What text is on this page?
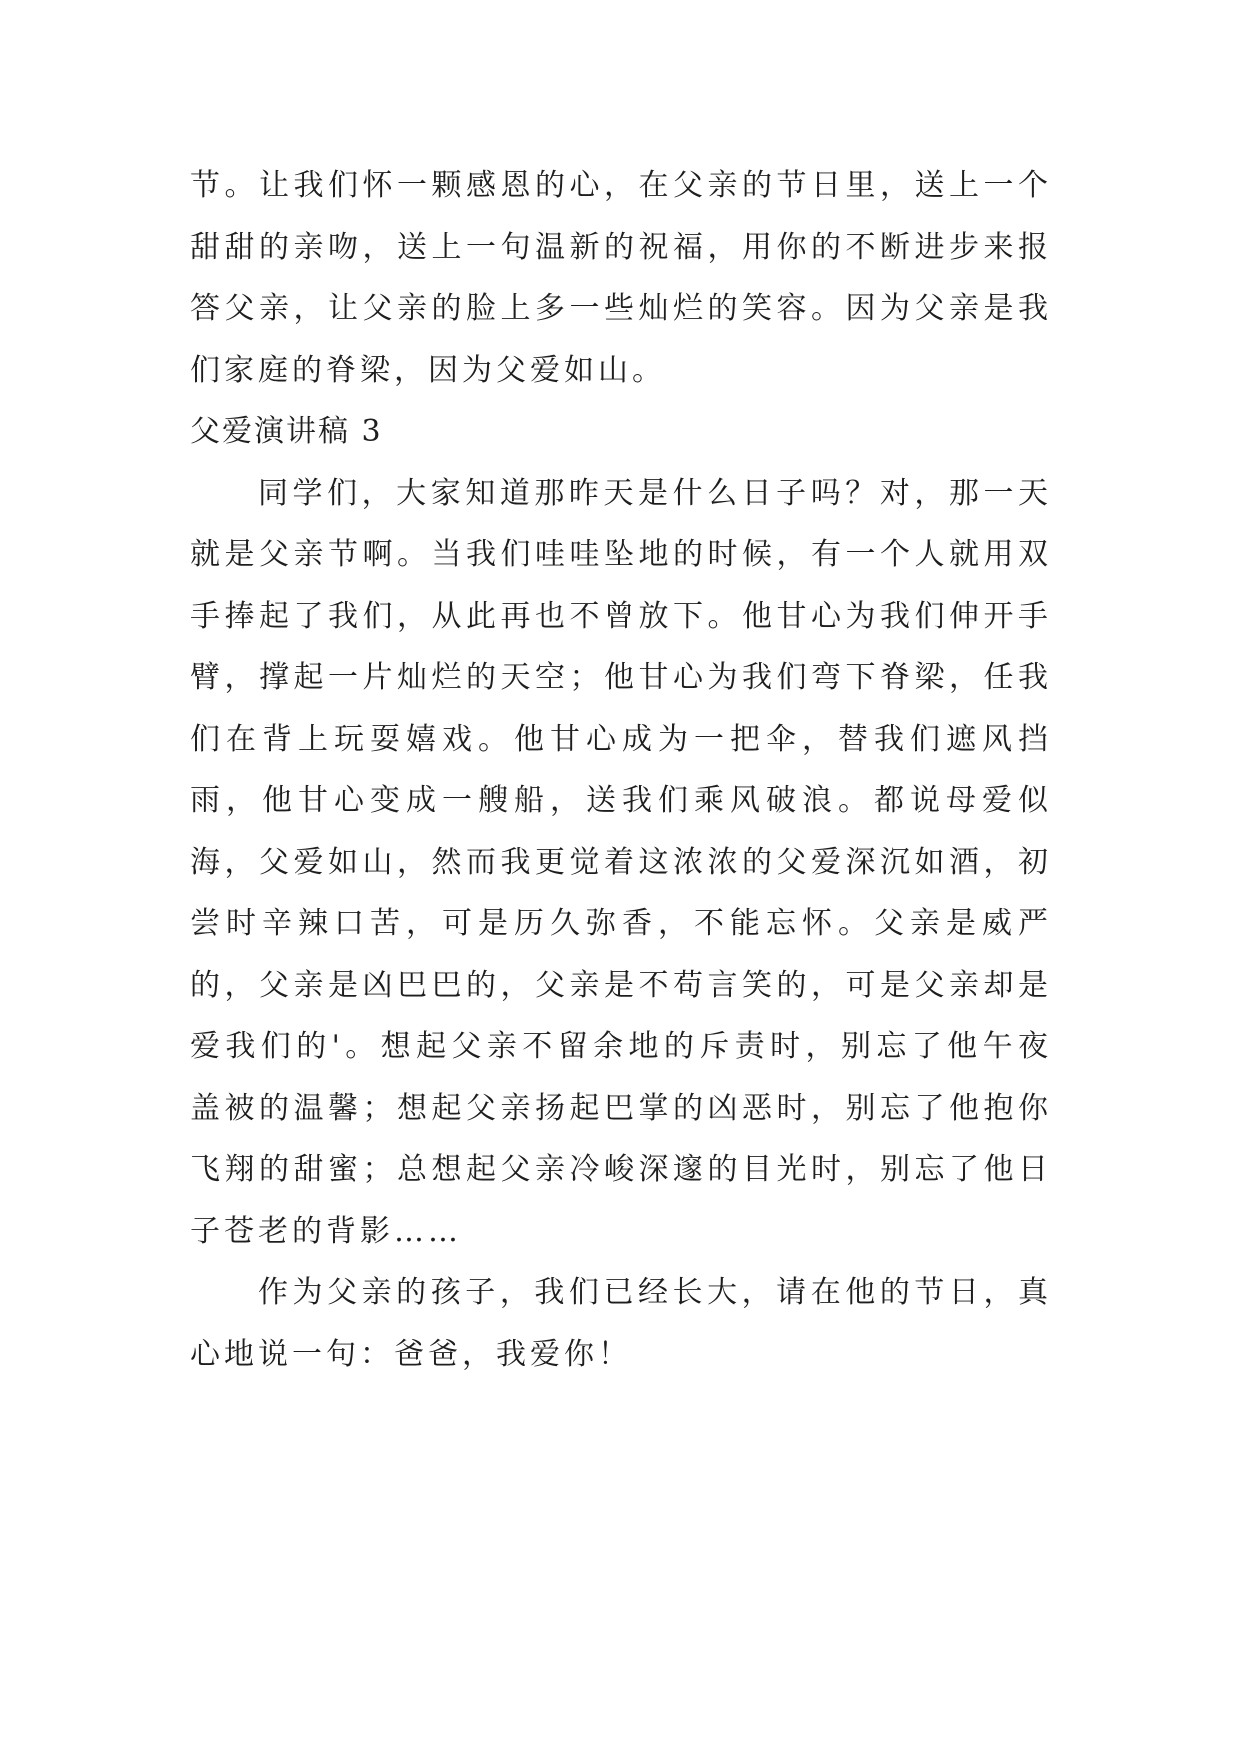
节。让我们怀一颗感恩的心，在父亲的节日里，送上一个甜甜的亲吻，送上一句温新的祝福，用你的不断进步来报答父亲，让父亲的脸上多一些灿烂的笑容。因为父亲是我们家庭的脊梁，因为父爱如山。

父爱演讲稿 3

同学们，大家知道那昨天是什么日子吗？对，那一天就是父亲节啊。当我们哇哇坠地的时候，有一个人就用双手捧起了我们，从此再也不曾放下。他甘心为我们伸开手臂，撑起一片灿烂的天空；他甘心为我们弯下脊梁，任我们在背上玩耍嬉戏。他甘心成为一把伞，替我们遮风挡雨，他甘心变成一艘船，送我们乘风破浪。都说母爱似海，父爱如山，然而我更觉着这浓浓的父爱深沉如酒，初尝时辛辣口苦，可是历久弥香，不能忘怀。父亲是威严的，父亲是凶巴巴的，父亲是不苟言笑的，可是父亲却是爱我们的'。想起父亲不留余地的斥责时，别忘了他午夜盖被的温馨；想起父亲扬起巴掌的凶恶时，别忘了他抱你飞翔的甜蜜；总想起父亲冷峻深邃的目光时，别忘了他日子苍老的背影……

作为父亲的孩子，我们已经长大，请在他的节日，真心地说一句：爸爸，我爱你！
